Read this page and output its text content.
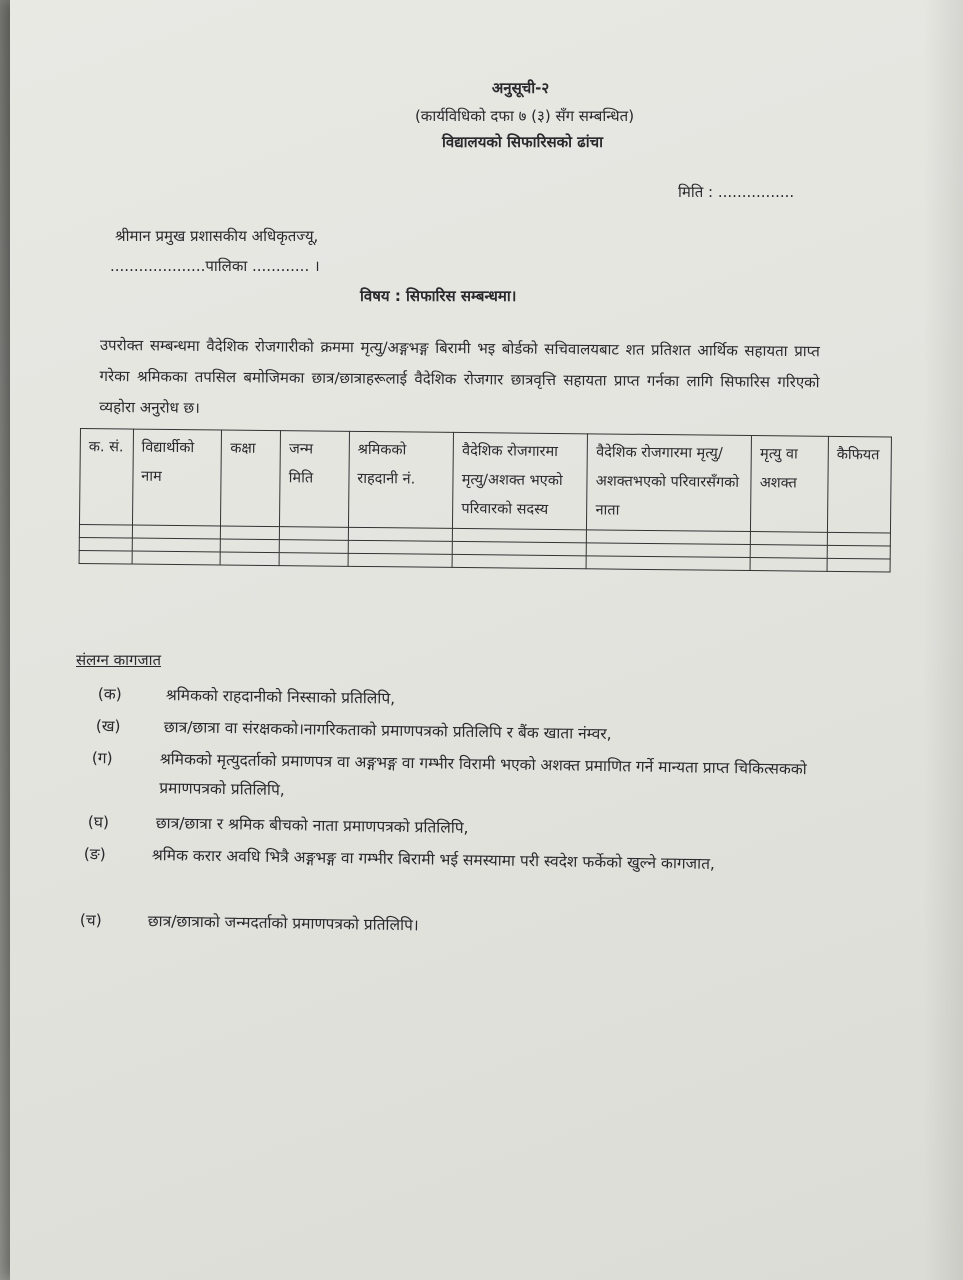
अनुसूची-२
(कार्यविधिको दफा ७ (३) सँग सम्बन्धित)
विद्यालयको सिफारिसको ढांचा
मिति : ................
श्रीमान प्रमुख प्रशासकीय अधिकृतज्यू,
....................पालिका ............ ।
विषय : सिफारिस सम्बन्धमा।
उपरोक्त सम्बन्धमा वैदेशिक रोजगारीको क्रममा मृत्यु/अङ्गभङ्ग बिरामी भइ बोर्डको सचिवालयबाट शत प्रतिशत आर्थिक सहायता प्राप्त गरेका श्रमिकका तपसिल बमोजिमका छात्र/छात्राहरूलाई वैदेशिक रोजगार छात्रवृत्ति सहायता प्राप्त गर्नका लागि सिफारिस गरिएको व्यहोरा अनुरोध छ।
क. सं.	विद्यार्थीको नाम	कक्षा	जन्म मिति	श्रमिकको राहदानी नं.	वैदेशिक रोजगारमा मृत्यु/अशक्त भएको परिवारको सदस्य	वैदेशिक रोजगारमा मृत्यु/अशक्तभएको परिवारसँगको नाता	मृत्यु वा अशक्त	कैफियत

संलग्न कागजात
(क)	श्रमिकको राहदानीको निस्साको प्रतिलिपि,
(ख)	छात्र/छात्रा वा संरक्षकको।नागरिकताको प्रमाणपत्रको प्रतिलिपि र बैंक खाता नंम्वर,
(ग)	श्रमिकको मृत्युदर्ताको प्रमाणपत्र वा अङ्गभङ्ग वा गम्भीर विरामी भएको अशक्त प्रमाणित गर्ने मान्यता प्राप्त चिकित्सकको प्रमाणपत्रको प्रतिलिपि,
(घ)	छात्र/छात्रा र श्रमिक बीचको नाता प्रमाणपत्रको प्रतिलिपि,
(ङ)	श्रमिक करार अवधि भित्रै अङ्गभङ्ग वा गम्भीर बिरामी भई समस्यामा परी स्वदेश फर्केको खुल्ने कागजात,
(च)	छात्र/छात्राको जन्मदर्ताको प्रमाणपत्रको प्रतिलिपि।
